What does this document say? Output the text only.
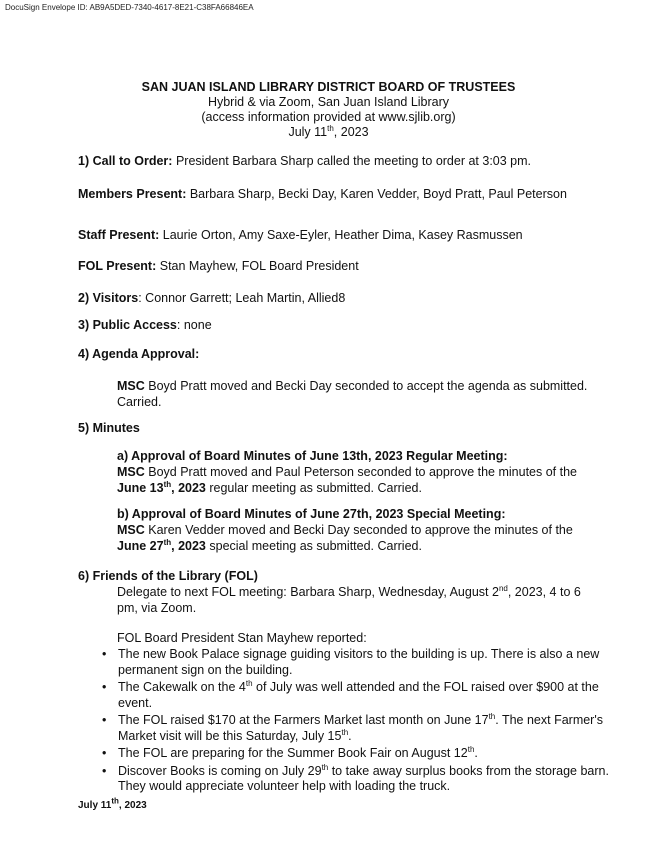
DocuSign Envelope ID: AB9A5DED-7340-4617-8E21-C38FA66846EA
SAN JUAN ISLAND LIBRARY DISTRICT BOARD OF TRUSTEES
Hybrid & via Zoom, San Juan Island Library
(access information provided at www.sjlib.org)
July 11th, 2023
1) Call to Order: President Barbara Sharp called the meeting to order at 3:03 pm.
Members Present: Barbara Sharp, Becki Day, Karen Vedder, Boyd Pratt, Paul Peterson
Staff Present: Laurie Orton, Amy Saxe-Eyler, Heather Dima, Kasey Rasmussen
FOL Present: Stan Mayhew, FOL Board President
2) Visitors: Connor Garrett; Leah Martin, Allied8
3) Public Access: none
4) Agenda Approval:
MSC Boyd Pratt moved and Becki Day seconded to accept the agenda as submitted. Carried.
5) Minutes
a) Approval of Board Minutes of June 13th, 2023 Regular Meeting:
MSC Boyd Pratt moved and Paul Peterson seconded to approve the minutes of the June 13th, 2023 regular meeting as submitted. Carried.
b) Approval of Board Minutes of June 27th, 2023 Special Meeting:
MSC Karen Vedder moved and Becki Day seconded to approve the minutes of the June 27th, 2023 special meeting as submitted. Carried.
6) Friends of the Library (FOL)
Delegate to next FOL meeting: Barbara Sharp, Wednesday, August 2nd, 2023, 4 to 6 pm, via Zoom.
FOL Board President Stan Mayhew reported:
• The new Book Palace signage guiding visitors to the building is up. There is also a new permanent sign on the building.
• The Cakewalk on the 4th of July was well attended and the FOL raised over $900 at the event.
• The FOL raised $170 at the Farmers Market last month on June 17th. The next Farmer's Market visit will be this Saturday, July 15th.
• The FOL are preparing for the Summer Book Fair on August 12th.
• Discover Books is coming on July 29th to take away surplus books from the storage barn. They would appreciate volunteer help with loading the truck.
July 11th, 2023
